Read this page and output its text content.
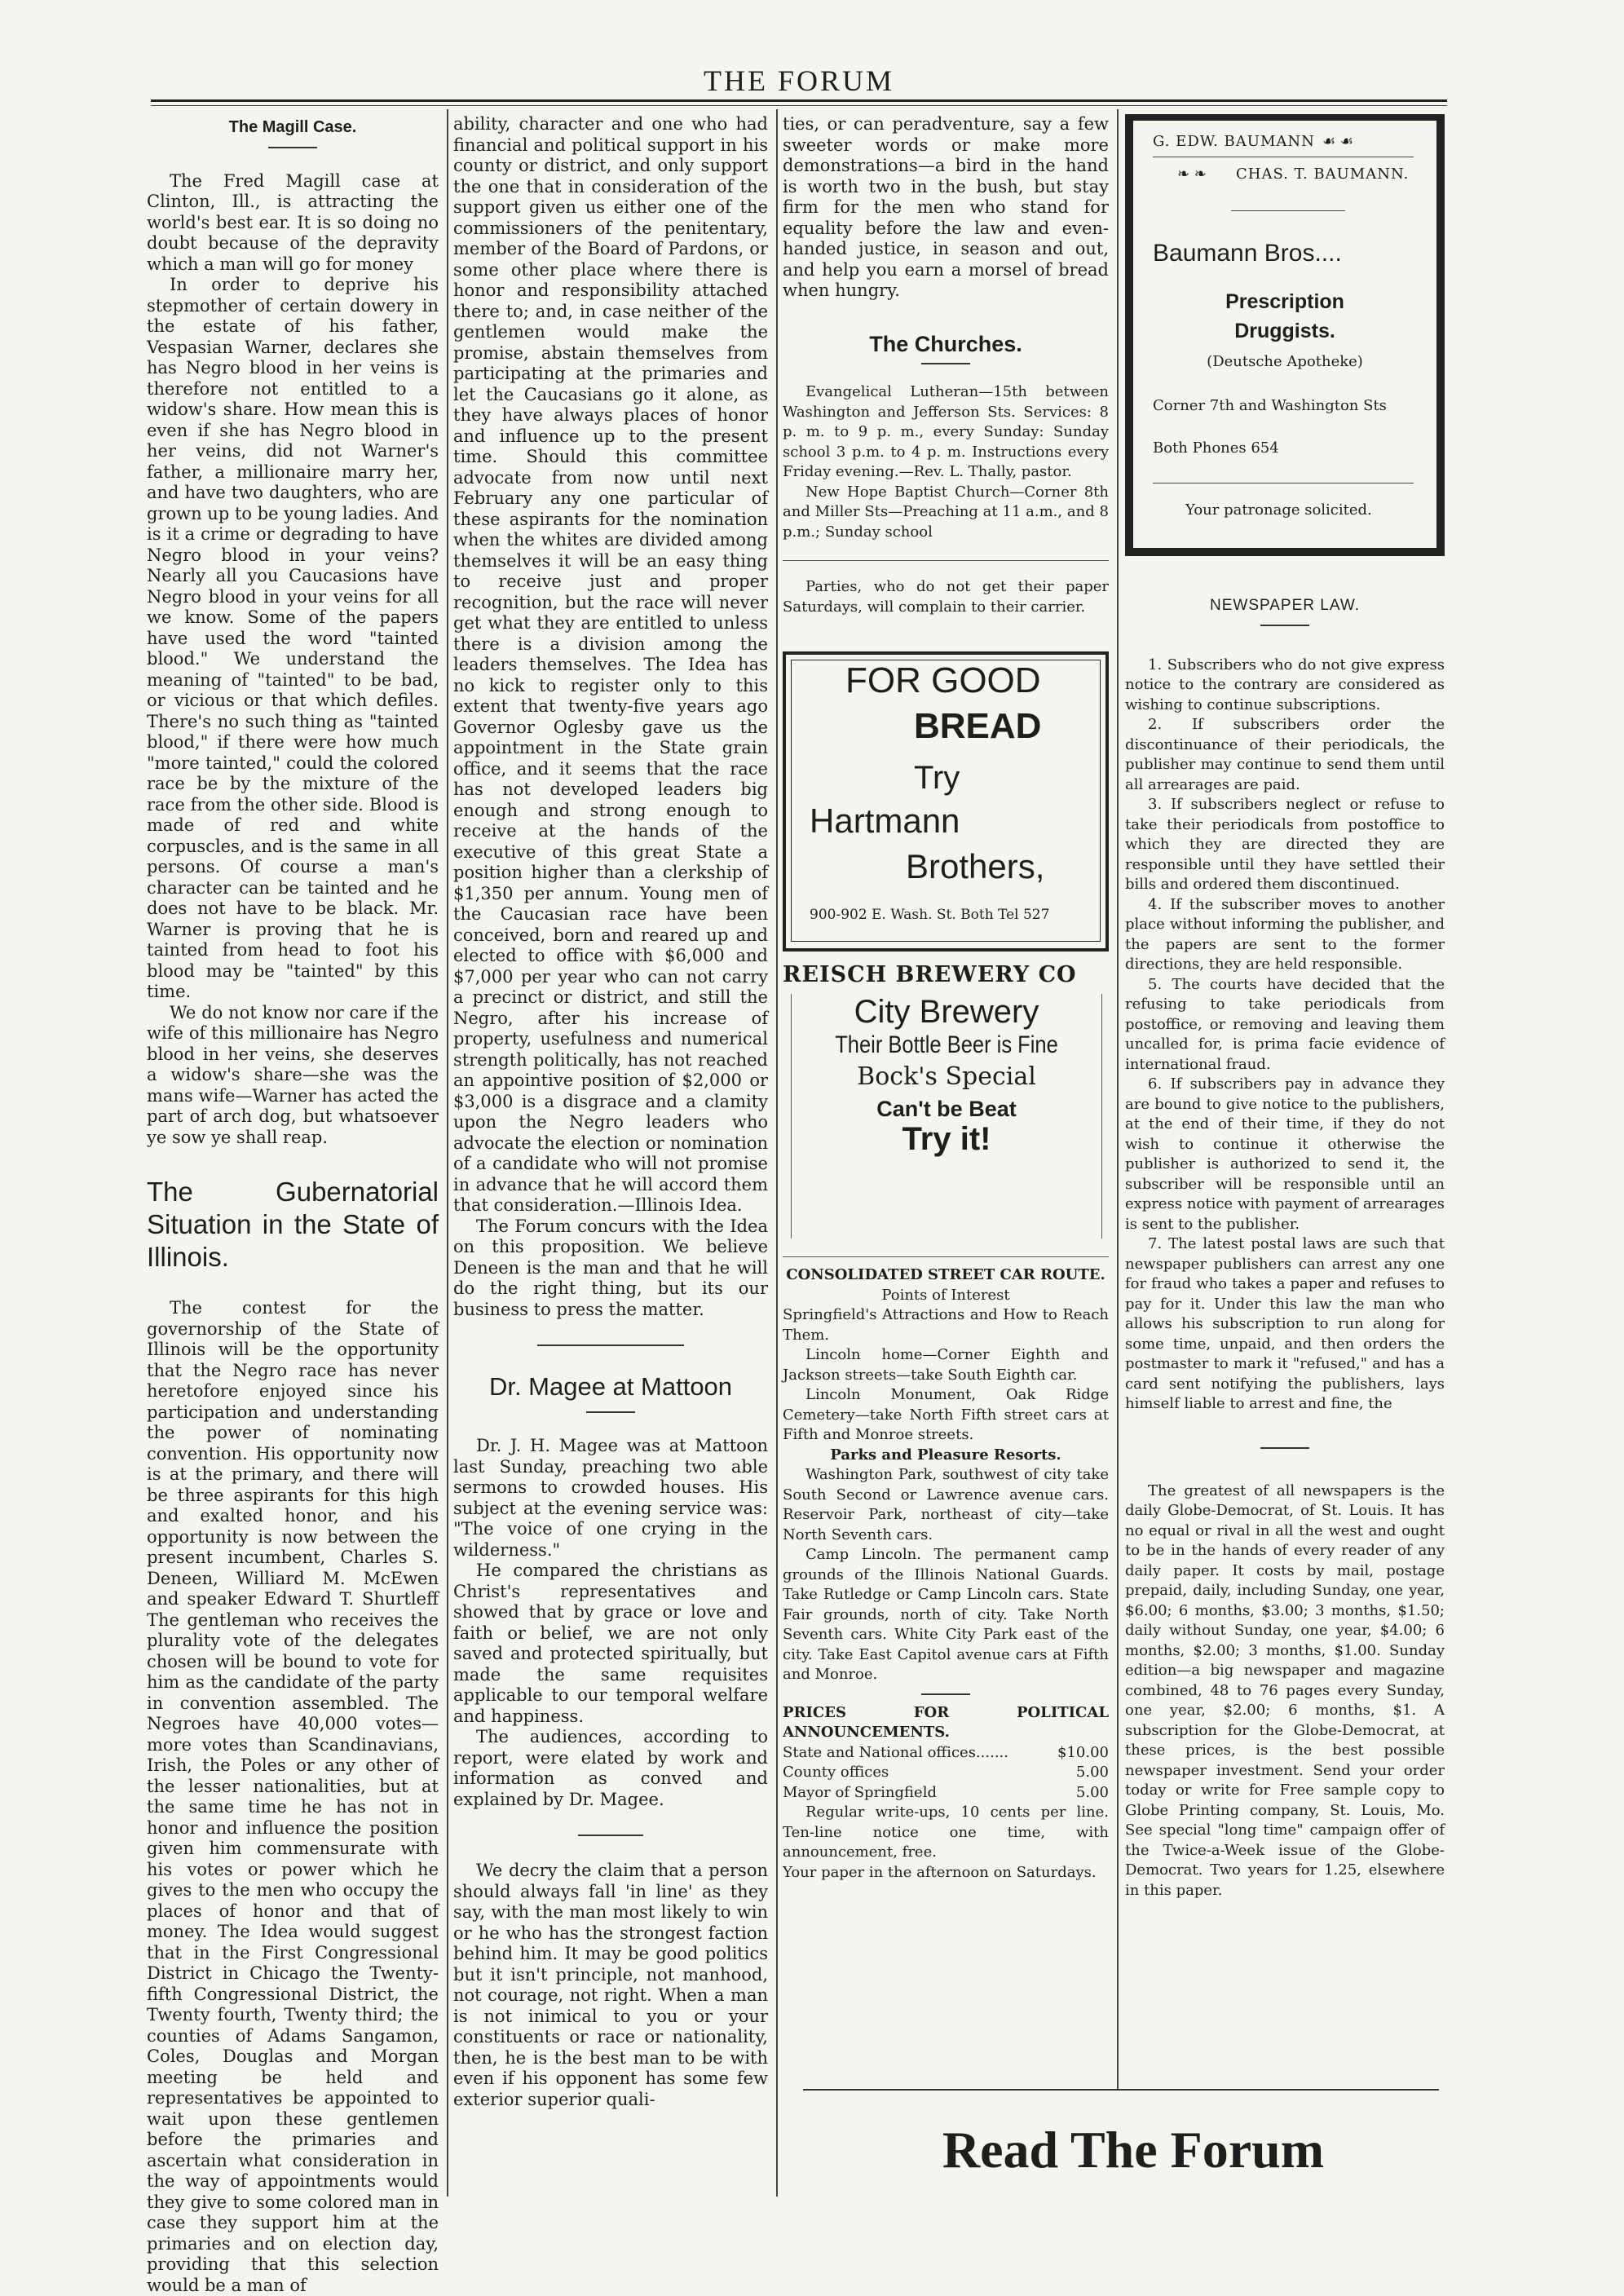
THE FORUM
The Magill Case.

The Fred Magill case at Clinton, Ill., is attracting the world's best ear. It is so doing no doubt because of the depravity which a man will go for money

In order to deprive his stepmother of certain dowery in the estate of his father, Vespasian Warner, declares she has Negro blood in her veins is therefore not entitled to a widow's share. How mean this is even if she has Negro blood in her veins, did not Warner's father, a millionaire marry her, and have two daughters, who are grown up to be young ladies. And is it a crime or degrading to have Negro blood in your veins? Nearly all you Caucasions have Negro blood in your veins for all we know. Some of the papers have used the word "tainted blood." We understand the meaning of "tainted" to be bad, or vicious or that which defiles. There's no such thing as "tainted blood," if there were how much "more tainted," could the colored race be by the mixture of the race from the other side. Blood is made of red and white corpuscles, and is the same in all persons. Of course a man's character can be tainted and he does not have to be black. Mr. Warner is proving that he is tainted from head to foot his blood may be "tainted" by this time.

We do not know nor care if the wife of this millionaire has Negro blood in her veins, she deserves a widow's share—she was the mans wife—Warner has acted the part of arch dog, but whatsoever ye sow ye shall reap.

The Gubernatorial Situation in the State of Illinois.

The contest for the governorship of the State of Illinois will be the opportunity that the Negro race has never heretofore enjoyed since his participation and understanding the power of nominating convention. His opportunity now is at the primary, and there will be three aspirants for this high and exalted honor, and his opportunity is now between the present incumbent, Charles S. Deneen, Williard M. McEwen and speaker Edward T. Shurtleff The gentleman who receives the plurality vote of the delegates chosen will be bound to vote for him as the candidate of the party in convention assembled. The Negroes have 40,000 votes—more votes than Scandinavians, Irish, the Poles or any other of the lesser nationalities, but at the same time he has not in honor and influence the position given him commensurate with his votes or power which he gives to the men who occupy the places of honor and that of money. The Idea would suggest that in the First Congressional District in Chicago the Twenty-fifth Congressional District, the Twenty fourth, Twenty third; the counties of Adams Sangamon, Coles, Douglas and Morgan meeting be held and representatives be appointed to wait upon these gentlemen before the primaries and ascertain what consideration in the way of appointments would they give to some colored man in case they support him at the primaries and on election day, providing that this selection would be a man of

ability, character and one who had financial and political support in his county or district, and only support the one that in consideration of the support given us either one of the commissioners of the penitentary, member of the Board of Pardons, or some other place where there is honor and responsibility attached there to; and, in case neither of the gentlemen would make the promise, abstain themselves from participating at the primaries and let the Caucasians go it alone, as they have always places of honor and influence up to the present time. Should this committee advocate from now until next February any one particular of these aspirants for the nomination when the whites are divided among themselves it will be an easy thing to receive just and proper recognition, but the race will never get what they are entitled to unless there is a division among the leaders themselves. The Idea has no kick to register only to this extent that twenty-five years ago Governor Oglesby gave us the appointment in the State grain office, and it seems that the race has not developed leaders big enough and strong enough to receive at the hands of the executive of this great State a position higher than a clerkship of $1,350 per annum. Young men of the Caucasian race have been conceived, born and reared up and elected to office with $6,000 and $7,000 per year who can not carry a precinct or district, and still the Negro, after his increase of property, usefulness and numerical strength politically, has not reached an appointive position of $2,000 or $3,000 is a disgrace and a clamity upon the Negro leaders who advocate the election or nomination of a candidate who will not promise in advance that he will accord them that consideration.—Illinois Idea.

The Forum concurs with the Idea on this proposition. We believe Deneen is the man and that he will do the right thing, but its our business to press the matter.

Dr. Magee at Mattoon

Dr. J. H. Magee was at Mattoon last Sunday, preaching two able sermons to crowded houses. His subject at the evening service was: "The voice of one crying in the wilderness."

He compared the christians as Christ's representatives and showed that by grace or love and faith or belief, we are not only saved and protected spiritually, but made the same requisites applicable to our temporal welfare and happiness.

The audiences, according to report, were elated by work and information as conved and explained by Dr. Magee.

We decry the claim that a person should always fall 'in line' as they say, with the man most likely to win or he who has the strongest faction behind him. It may be good politics but it isn't principle, not manhood, not courage, not right. When a man is not inimical to you or your constituents or race or nationality, then, he is the best man to be with even if his opponent has some few exterior superior quali-

ties, or can peradventure, say a few sweeter words or make more demonstrations—a bird in the hand is worth two in the bush, but stay firm for the men who stand for equality before the law and even-handed justice, in season and out, and help you earn a morsel of bread when hungry.

The Churches.

Evangelical Lutheran—15th between Washington and Jefferson Sts. Services: 8 p. m. to 9 p. m., every Sunday: Sunday school 3 p.m. to 4 p. m. Instructions every Friday evening.—Rev. L. Thally, pastor.

New Hope Baptist Church—Corner 8th and Miller Sts—Preaching at 11 a.m., and 8 p.m.; Sunday school

Parties, who do not get their paper Saturdays, will complain to their carrier.

FOR GOOD
BREAD
Try
Hartmann
Brothers,
900-902 E. Wash. St. Both Tel 527
REISCH BREWERY CO
City Brewery
Their Bottle Beer is Fine
Bock's Special
Can't be Beat
Try it!
CONSOLIDATED STREET CAR ROUTE.
Points of Interest

Springfield's Attractions and How to Reach Them.

Lincoln home—Corner Eighth and Jackson streets—take South Eighth car.

Lincoln Monument, Oak Ridge Cemetery—take North Fifth street cars at Fifth and Monroe streets.

Parks and Pleasure Resorts.

Washington Park, southwest of city take South Second or Lawrence avenue cars. Reservoir Park, northeast of city—take North Seventh cars.

Camp Lincoln. The permanent camp grounds of the Illinois National Guards. Take Rutledge or Camp Lincoln cars. State Fair grounds, north of city. Take North Seventh cars. White City Park east of the city. Take East Capitol avenue cars at Fifth and Monroe.

PRICES FOR POLITICAL ANNOUNCEMENTS.
State and National offices.......	$10.00
County offices	5.00
Mayor of Springfield	5.00

Regular write-ups, 10 cents per line. Ten-line notice one time, with announcement, free.

Your paper in the afternoon on Saturdays.

G. EDW. BAUMANN ☙ ☙
❧ ❧ CHAS. T. BAUMANN.
Baumann Bros....
Prescription
Druggists.
(Deutsche Apotheke)
Corner 7th and Washington Sts
Both Phones 654
Your patronage solicited.
NEWSPAPER LAW.

1. Subscribers who do not give express notice to the contrary are considered as wishing to continue subscriptions.

2. If subscribers order the discontinuance of their periodicals, the publisher may continue to send them until all arrearages are paid.

3. If subscribers neglect or refuse to take their periodicals from postoffice to which they are directed they are responsible until they have settled their bills and ordered them discontinued.

4. If the subscriber moves to another place without informing the publisher, and the papers are sent to the former directions, they are held responsible.

5. The courts have decided that the refusing to take periodicals from postoffice, or removing and leaving them uncalled for, is prima facie evidence of international fraud.

6. If subscribers pay in advance they are bound to give notice to the publishers, at the end of their time, if they do not wish to continue it otherwise the publisher is authorized to send it, the subscriber will be responsible until an express notice with payment of arrearages is sent to the publisher.

7. The latest postal laws are such that newspaper publishers can arrest any one for fraud who takes a paper and refuses to pay for it. Under this law the man who allows his subscription to run along for some time, unpaid, and then orders the postmaster to mark it "refused," and has a card sent notifying the publishers, lays himself liable to arrest and fine, the

The greatest of all newspapers is the daily Globe-Democrat, of St. Louis. It has no equal or rival in all the west and ought to be in the hands of every reader of any daily paper. It costs by mail, postage prepaid, daily, including Sunday, one year, $6.00; 6 months, $3.00; 3 months, $1.50; daily without Sunday, one year, $4.00; 6 months, $2.00; 3 months, $1.00. Sunday edition—a big newspaper and magazine combined, 48 to 76 pages every Sunday, one year, $2.00; 6 months, $1. A subscription for the Globe-Democrat, at these prices, is the best possible newspaper investment. Send your order today or write for Free sample copy to Globe Printing company, St. Louis, Mo. See special "long time" campaign offer of the Twice-a-Week issue of the Globe-Democrat. Two years for 1.25, elsewhere in this paper.

Read The Forum
